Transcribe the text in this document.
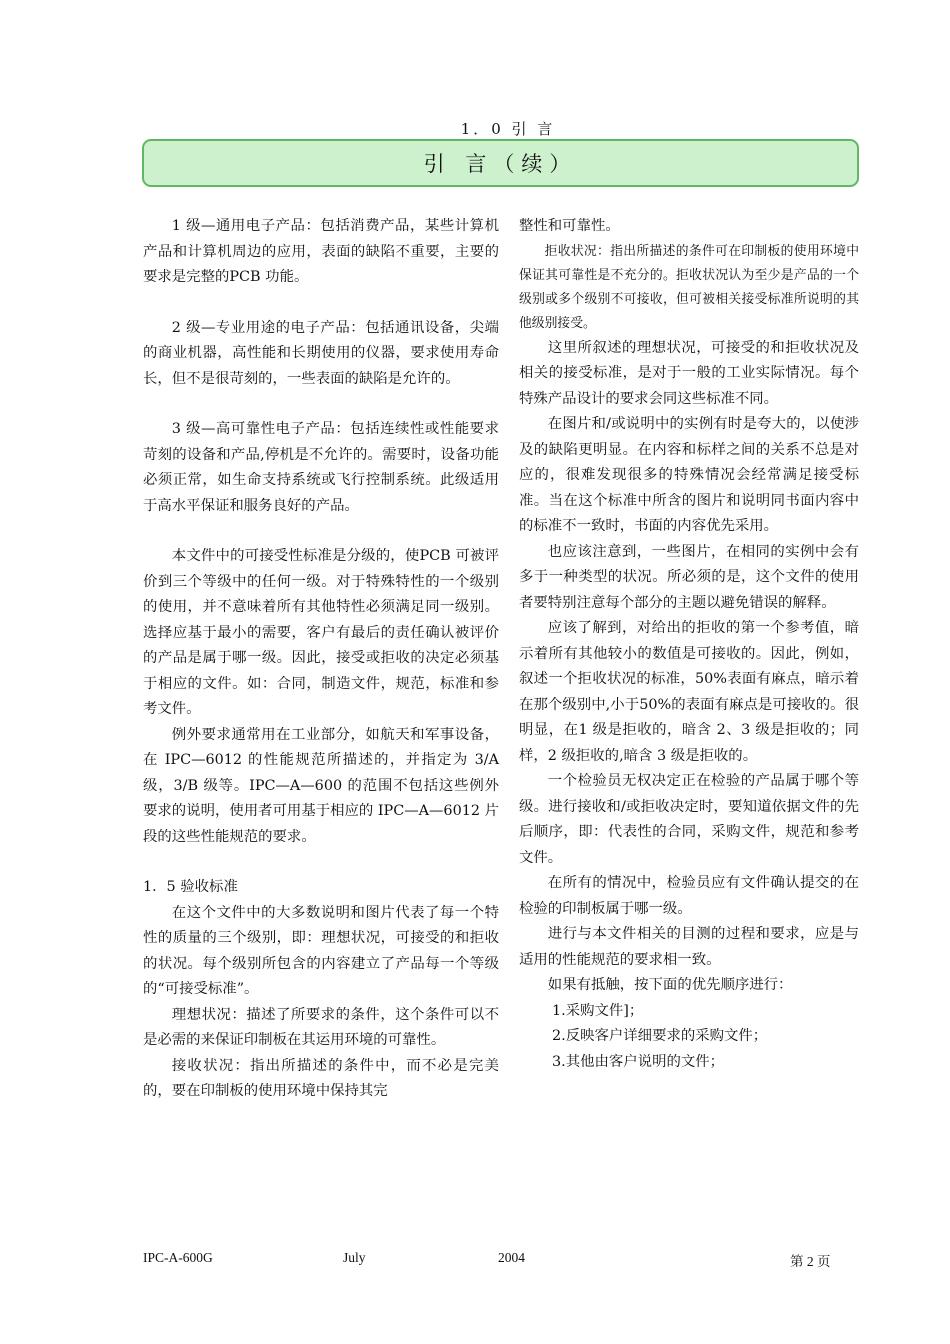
1．0 引 言
引 言（续）

1 级—通用电子产品：包括消费产品，某些计算机产品和计算机周边的应用，表面的缺陷不重要，主要的要求是完整的PCB 功能。

2 级—专业用途的电子产品：包括通讯设备，尖端的商业机器，高性能和长期使用的仪器，要求使用寿命长，但不是很苛刻的，一些表面的缺陷是允许的。

3 级—高可靠性电子产品：包括连续性或性能要求苛刻的设备和产品,停机是不允许的。需要时，设备功能必须正常，如生命支持系统或飞行控制系统。此级适用于高水平保证和服务良好的产品。

本文件中的可接受性标准是分级的，使PCB 可被评价到三个等级中的任何一级。对于特殊特性的一个级别的使用，并不意味着所有其他特性必须满足同一级别。选择应基于最小的需要，客户有最后的责任确认被评价的产品是属于哪一级。因此，接受或拒收的决定必须基于相应的文件。如：合同，制造文件，规范，标准和参考文件。

例外要求通常用在工业部分，如航天和军事设备，在 IPC—6012 的性能规范所描述的，并指定为 3/A 级，3/B 级等。IPC—A—600 的范围不包括这些例外要求的说明，使用者可用基于相应的 IPC—A—6012 片段的这些性能规范的要求。

1．5 验收标准

在这个文件中的大多数说明和图片代表了每一个特性的质量的三个级别，即：理想状况，可接受的和拒收的状况。每个级别所包含的内容建立了产品每一个等级的“可接受标准”。

理想状况：描述了所要求的条件，这个条件可以不是必需的来保证印制板在其运用环境的可靠性。

接收状况：指出所描述的条件中，而不必是完美的，要在印制板的使用环境中保持其完

整性和可靠性。

拒收状况：指出所描述的条件可在印制板的使用环境中保证其可靠性是不充分的。拒收状况认为至少是产品的一个级别或多个级别不可接收，但可被相关接受标准所说明的其他级别接受。

这里所叙述的理想状况，可接受的和拒收状况及相关的接受标准，是对于一般的工业实际情况。每个特殊产品设计的要求会同这些标准不同。

在图片和/或说明中的实例有时是夸大的，以使涉及的缺陷更明显。在内容和标样之间的关系不总是对应的，很难发现很多的特殊情况会经常满足接受标准。当在这个标准中所含的图片和说明同书面内容中的标准不一致时，书面的内容优先采用。

也应该注意到，一些图片，在相同的实例中会有多于一种类型的状况。所必须的是，这个文件的使用者要特别注意每个部分的主题以避免错误的解释。

应该了解到，对给出的拒收的第一个参考值，暗示着所有其他较小的数值是可接收的。因此，例如，叙述一个拒收状况的标准，50%表面有麻点，暗示着在那个级别中,小于50%的表面有麻点是可接收的。很明显，在1 级是拒收的，暗含 2、3 级是拒收的；同样，2 级拒收的,暗含 3 级是拒收的。

一个检验员无权决定正在检验的产品属于哪个等级。进行接收和/或拒收决定时，要知道依据文件的先后顺序，即：代表性的合同，采购文件，规范和参考文件。

在所有的情况中，检验员应有文件确认提交的在检验的印制板属于哪一级。

进行与本文件相关的目测的过程和要求，应是与适用的性能规范的要求相一致。

如果有抵触，按下面的优先顺序进行：

1.采购文件]；

2.反映客户详细要求的采购文件；

3.其他由客户说明的文件；

IPC-A-600G	July	2004	第 2 页
